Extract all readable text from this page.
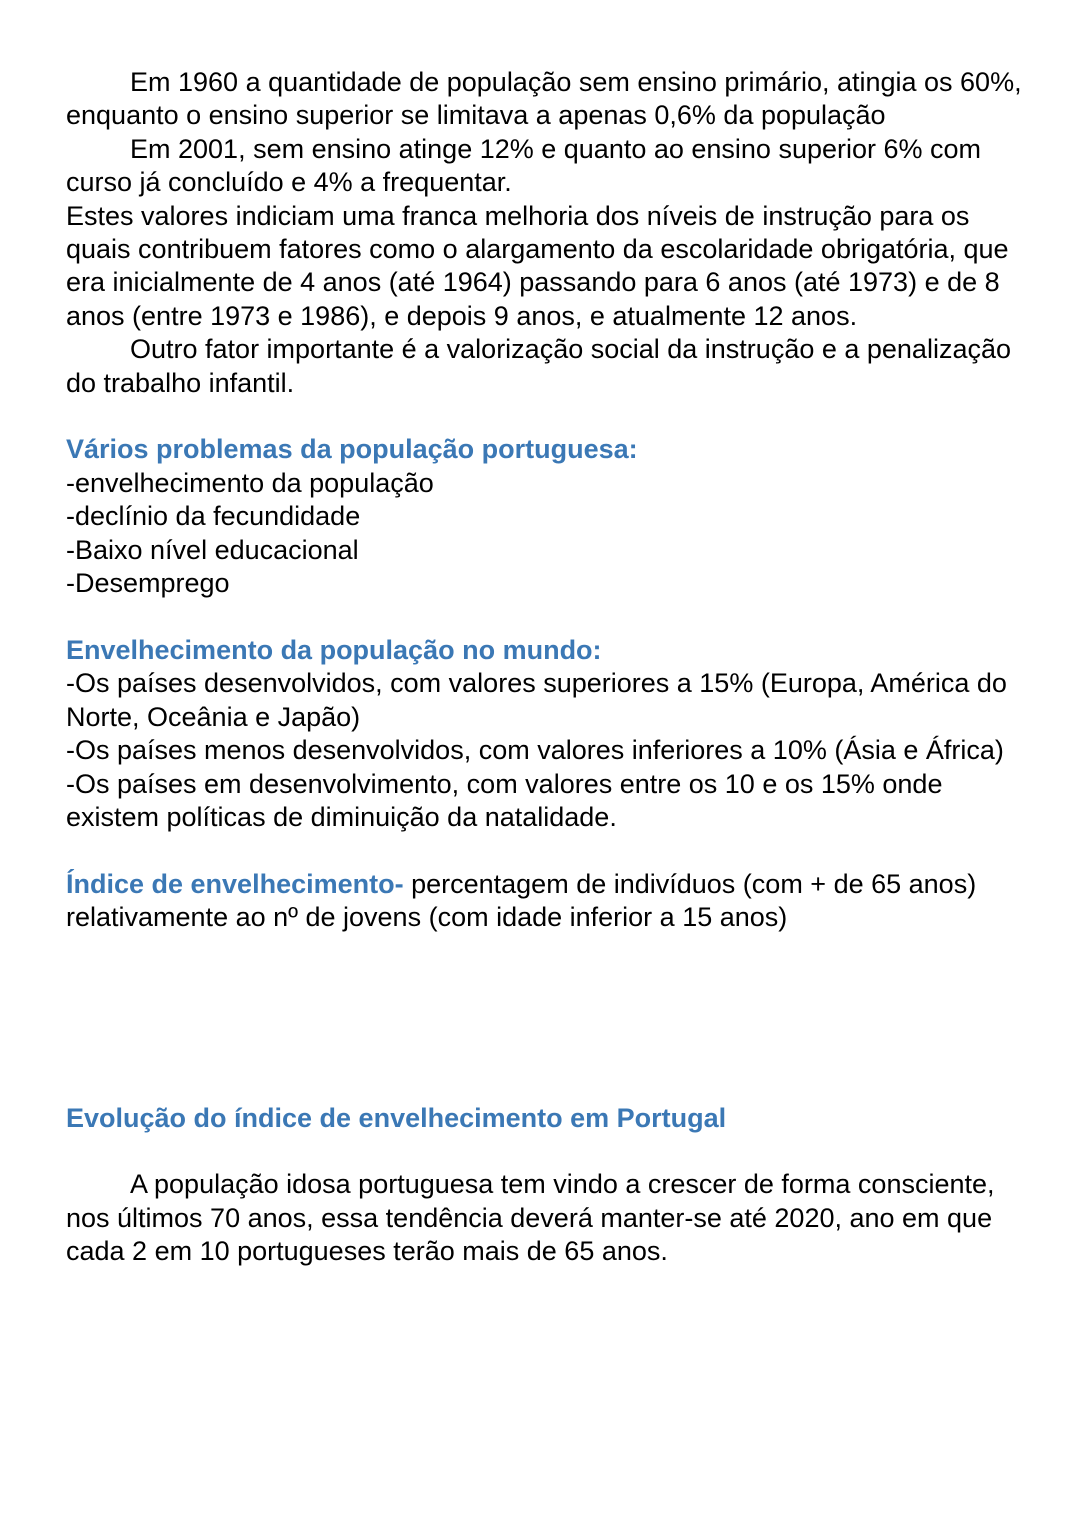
Em 1960 a quantidade de população sem ensino primário, atingia os 60%, enquanto o ensino superior se limitava a apenas 0,6% da população

Em 2001, sem ensino atinge 12% e quanto ao ensino superior 6% com curso já concluído e 4% a frequentar.

Estes valores indiciam uma franca melhoria dos níveis de instrução para os quais contribuem fatores como o alargamento da escolaridade obrigatória, que era inicialmente de 4 anos (até 1964) passando para 6 anos (até 1973) e de 8 anos (entre 1973 e 1986), e depois 9 anos, e atualmente 12 anos.

Outro fator importante é a valorização social da instrução e a penalização do trabalho infantil.

Vários problemas da população portuguesa:

-envelhecimento da população

-declínio da fecundidade

-Baixo nível educacional

-Desemprego

Envelhecimento da população no mundo:

-Os países desenvolvidos, com valores superiores a 15% (Europa, América do Norte, Oceânia e Japão)

-Os países menos desenvolvidos, com valores inferiores a 10% (Ásia e África)

-Os países em desenvolvimento, com valores entre os 10 e os 15% onde existem políticas de diminuição da natalidade.

Índice de envelhecimento- percentagem de indivíduos (com + de 65 anos) relativamente ao nº de jovens (com idade inferior a 15 anos)

Evolução do índice de envelhecimento em Portugal

A população idosa portuguesa tem vindo a crescer de forma consciente, nos últimos 70 anos, essa tendência deverá manter-se até 2020, ano em que cada 2 em 10 portugueses terão mais de 65 anos.
